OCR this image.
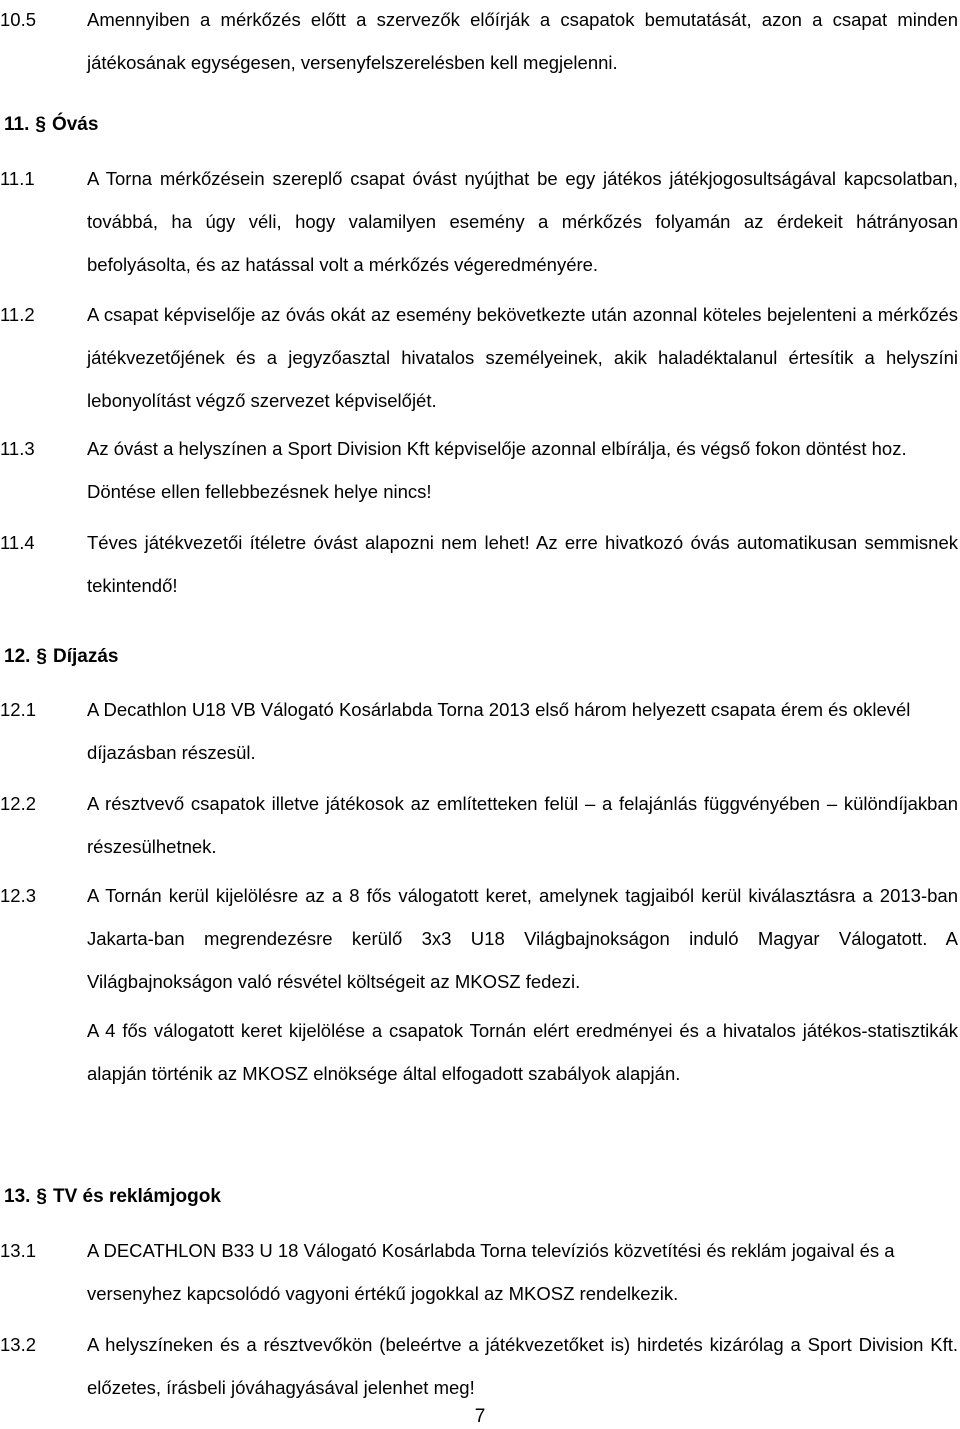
10.5	Amennyiben a mérkőzés előtt a szervezők előírják a csapatok bemutatását, azon a csapat minden játékosának egységesen, versenyfelszerelésben kell megjelenni.
11. § Óvás
11.1	A Torna mérkőzésein szereplő csapat óvást nyújthat be egy játékos játékjogosultságával kapcsolatban, továbbá, ha úgy véli, hogy valamilyen esemény a mérkőzés folyamán az érdekeit hátrányosan befolyásolta, és az hatással volt a mérkőzés végeredményére.
11.2	A csapat képviselője az óvás okát az esemény bekövetkezte után azonnal köteles bejelenteni a mérkőzés játékvezetőjének és a jegyzőasztal hivatalos személyeinek, akik haladéktalanul értesítik a helyszíni lebonyolítást végző szervezet képviselőjét.
11.3	Az óvást a helyszínen a Sport Division Kft képviselője azonnal elbírálja, és végső fokon döntést hoz. Döntése ellen fellebbezésnek helye nincs!
11.4	Téves játékvezetői ítéletre óvást alapozni nem lehet! Az erre hivatkozó óvás automatikusan semmisnek tekintendő!
12. § Díjazás
12.1	A Decathlon U18 VB Válogató Kosárlabda Torna 2013 első három helyezett csapata érem és oklevél díjazásban részesül.
12.2	A résztvevő csapatok illetve játékosok az említetteken felül – a felajánlás függvényében – különdíjakban részesülhetnek.
12.3	A Tornán kerül kijelölésre az a 8 fős válogatott keret, amelynek tagjaiból kerül kiválasztásra a 2013-ban Jakarta-ban megrendezésre kerülő 3x3 U18 Világbajnokságon induló Magyar Válogatott. A Világbajnokságon való résvétel költségeit az MKOSZ fedezi.
A 4 fős válogatott keret kijelölése a csapatok Tornán elért eredményei és a hivatalos játékos-statisztikák alapján történik az MKOSZ elnöksége által elfogadott szabályok alapján.
13. § TV és reklámjogok
13.1	A DECATHLON B33 U 18 Válogató Kosárlabda Torna televíziós közvetítési és reklám jogaival és a versenyhez kapcsolódó vagyoni értékű jogokkal az MKOSZ rendelkezik.
13.2	A helyszíneken és a résztvevőkön (beleértve a játékvezetőket is) hirdetés kizárólag a Sport Division Kft. előzetes, írásbeli jóváhagyásával jelenhet meg!
7
